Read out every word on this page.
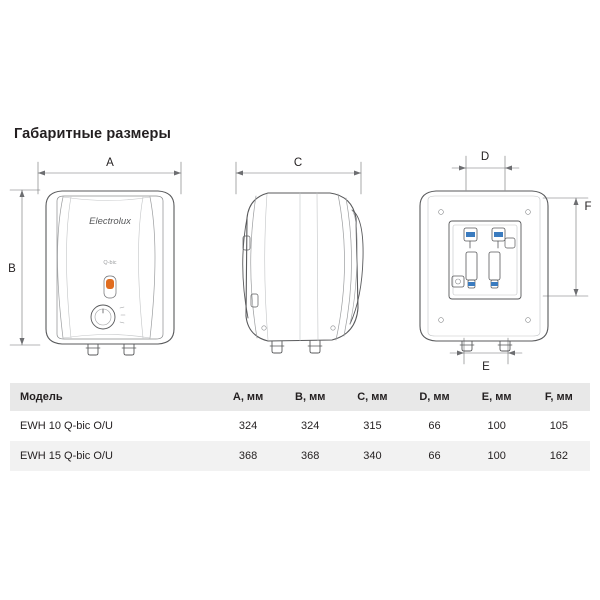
Габаритные размеры
Electrolux
Q-bic
A
B
C	D
E
F
Модель	A, мм	B, мм	C, мм	D, мм	E, мм	F, мм
EWH 10 Q-bic O/U	324	324	315	66	100	105
EWH 15 Q-bic O/U	368	368	340	66	100	162
